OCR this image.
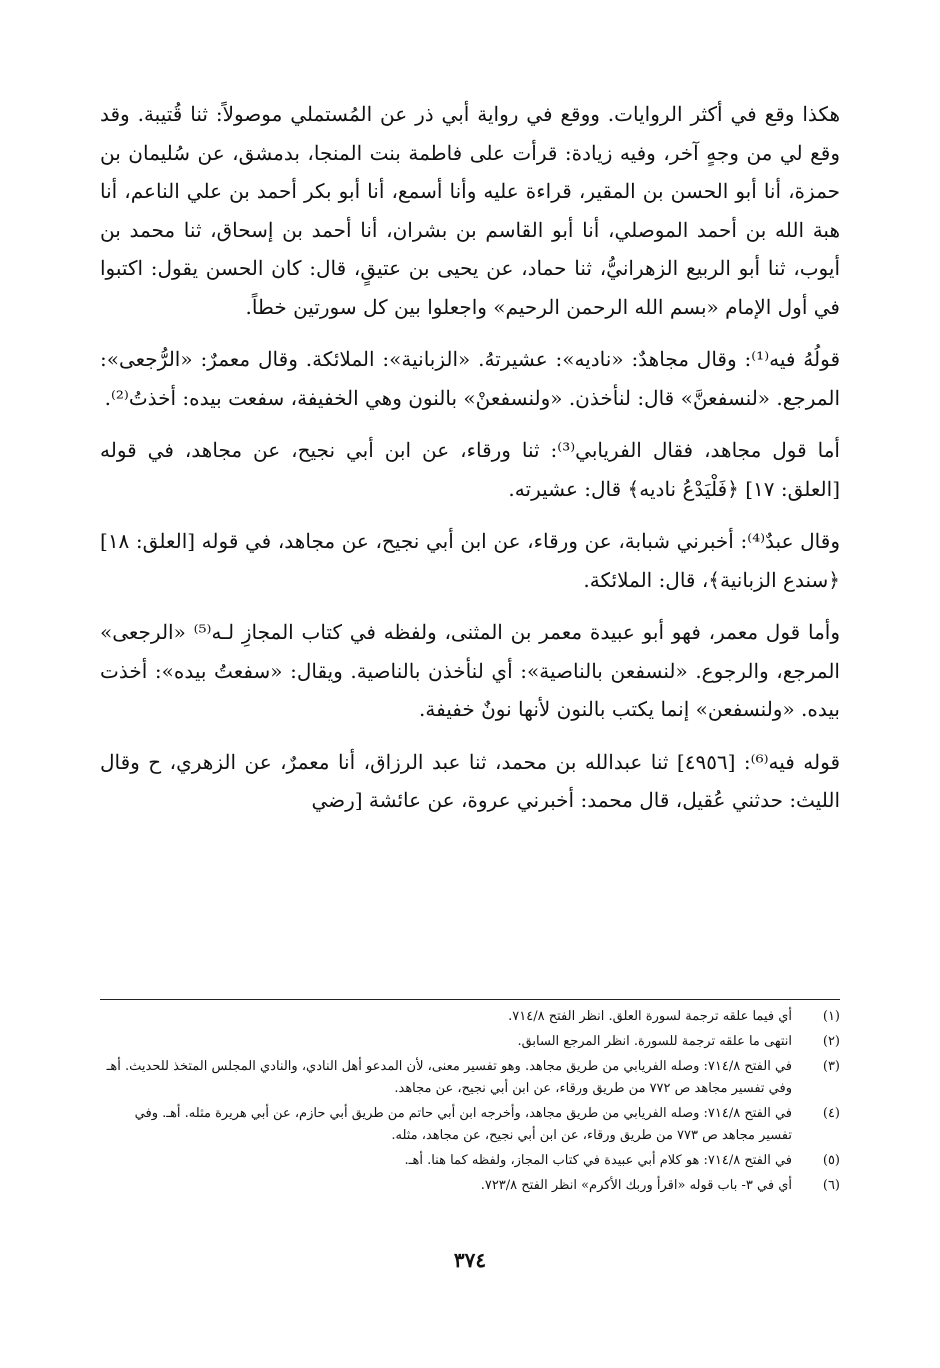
هكذا وقع في أكثر الروايات. ووقع في رواية أبي ذر عن المُستملي موصولاً: ثنا قُتيبة. وقد وقع لي من وجهٍ آخر، وفيه زيادة: قرأت على فاطمة بنت المنجا، بدمشق، عن سُليمان بن حمزة، أنا أبو الحسن بن المقير، قراءة عليه وأنا أسمع، أنا أبو بكر أحمد بن علي الناعم، أنا هبة الله بن أحمد الموصلي، أنا أبو القاسم بن بشران، أنا أحمد بن إسحاق، ثنا محمد بن أيوب، ثنا أبو الربيع الزهرانيُّ، ثنا حماد، عن يحيى بن عتيقٍ، قال: كان الحسن يقول: اكتبوا في أول الإمام «بسم الله الرحمن الرحيم» واجعلوا بين كل سورتين خطاً.

قولُهُ فيه⁽¹⁾: وقال مجاهدٌ: «ناديه»: عشيرتهُ. «الزبانية»: الملائكة. وقال معمرٌ: «الرُّجعى»: المرجع. «لنسفعنَّ» قال: لنأخذن. «ولنسفعنْ» بالنون وهي الخفيفة، سفعت بيده: أخذتُ⁽²⁾.

أما قول مجاهد، فقال الفريابي⁽³⁾: ثنا ورقاء، عن ابن أبي نجيح، عن مجاهد، في قوله [العلق: ١٧] ﴿فَلْيَدْعُ ناديه﴾ قال: عشيرته.

وقال عبدٌ⁽⁴⁾: أخبرني شبابة، عن ورقاء، عن ابن أبي نجيح، عن مجاهد، في قوله [العلق: ١٨] ﴿سندع الزبانية﴾، قال: الملائكة.

وأما قول معمر، فهو أبو عبيدة معمر بن المثنى، ولفظه في كتاب المجازِ لـه⁽⁵⁾ «الرجعى» المرجع، والرجوع. «لنسفعن بالناصية»: أي لنأخذن بالناصية. ويقال: «سفعتُ بيده»: أخذت بيده. «ولنسفعن» إنما يكتب بالنون لأنها نونٌ خفيفة.

قوله فيه⁽⁶⁾: [٤٩٥٦] ثنا عبدالله بن محمد، ثنا عبد الرزاق، أنا معمرٌ، عن الزهري، ح وقال الليث: حدثني عُقيل، قال محمد: أخبرني عروة، عن عائشة [رضي

(١)
أي فيما علقه ترجمة لسورة العلق. انظر الفتح ٧١٤/٨.
(٢)
انتهى ما علقه ترجمة للسورة. انظر المرجع السابق.
(٣)
في الفتح ٧١٤/٨: وصله الفريابي من طريق مجاهد. وهو تفسير معنى، لأن المدعو أهل النادي، والنادي المجلس المتخذ للحديث. أهـ وفي تفسير مجاهد ص ٧٧٢ من طريق ورقاء، عن ابن أبي نجيح، عن مجاهد.
(٤)
في الفتح ٧١٤/٨: وصله الفريابي من طريق مجاهد، وأخرجه ابن أبي حاتم من طريق أبي حازم، عن أبي هريرة مثله. أهـ. وفي تفسير مجاهد ص ٧٧٣ من طريق ورقاء، عن ابن أبي نجيح، عن مجاهد، مثله.
(٥)
في الفتح ٧١٤/٨: هو كلام أبي عبيدة في كتاب المجاز، ولفظه كما هنا. أهـ.
(٦)
أي في ٣- باب قوله «اقرأ وربك الأكرم» انظر الفتح ٧٢٣/٨.
٣٧٤
